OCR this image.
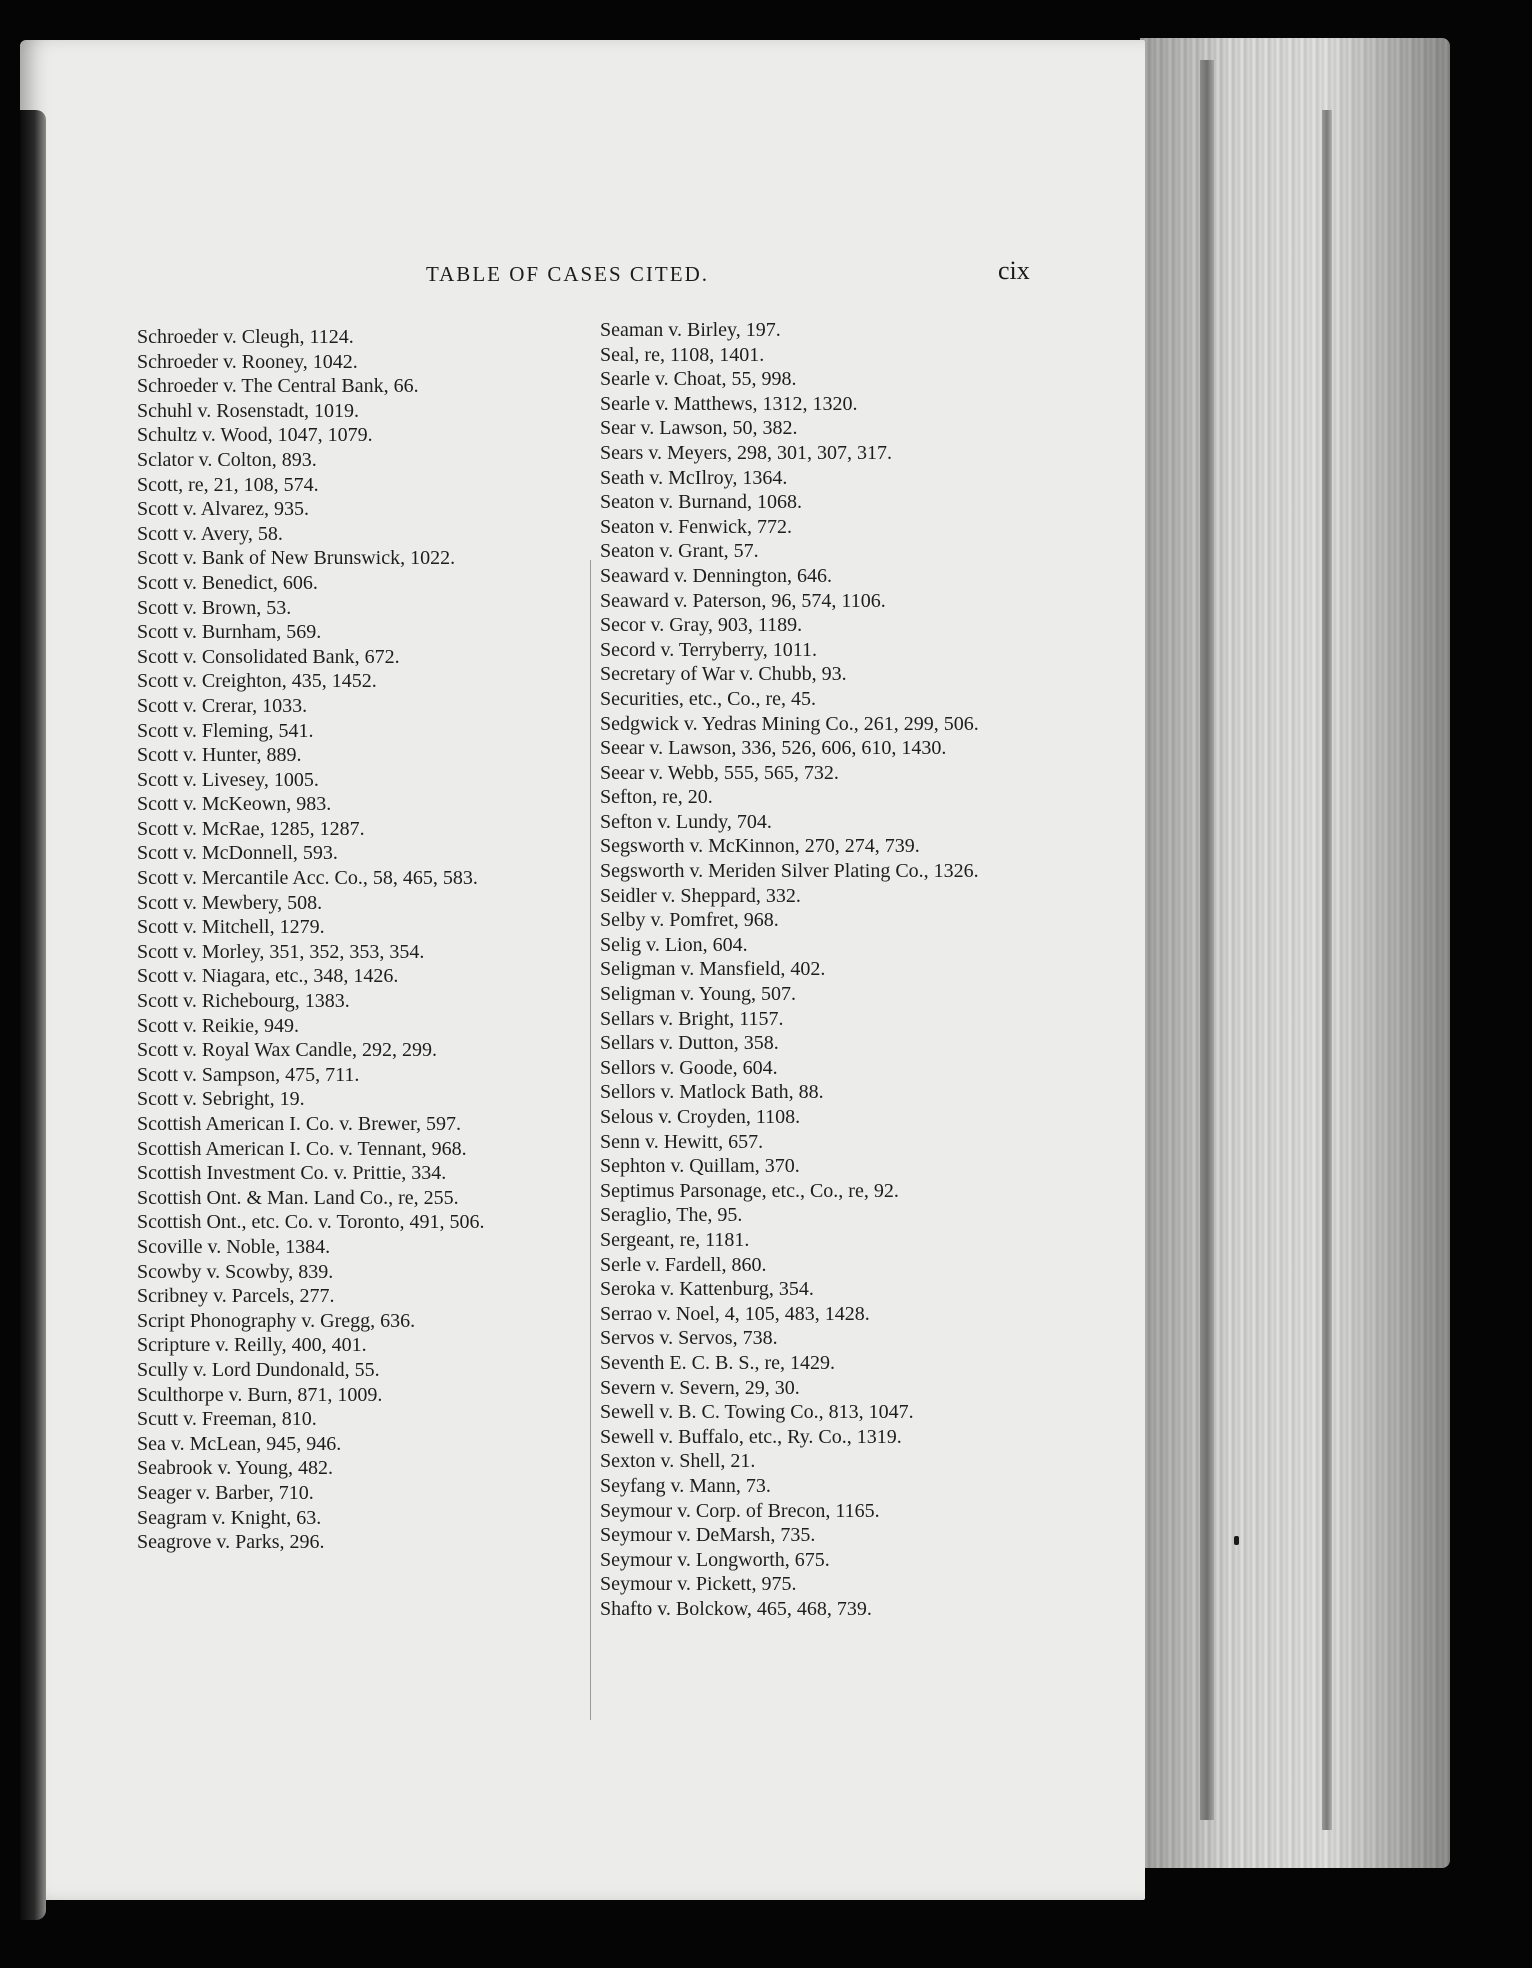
TABLE OF CASES CITED.	cix
Schroeder v. Cleugh, 1124.
Schroeder v. Rooney, 1042.
Schroeder v. The Central Bank, 66.
Schuhl v. Rosenstadt, 1019.
Schultz v. Wood, 1047, 1079.
Sclator v. Colton, 893.
Scott, re, 21, 108, 574.
Scott v. Alvarez, 935.
Scott v. Avery, 58.
Scott v. Bank of New Brunswick, 1022.
Scott v. Benedict, 606.
Scott v. Brown, 53.
Scott v. Burnham, 569.
Scott v. Consolidated Bank, 672.
Scott v. Creighton, 435, 1452.
Scott v. Crerar, 1033.
Scott v. Fleming, 541.
Scott v. Hunter, 889.
Scott v. Livesey, 1005.
Scott v. McKeown, 983.
Scott v. McRae, 1285, 1287.
Scott v. McDonnell, 593.
Scott v. Mercantile Acc. Co., 58, 465, 583.
Scott v. Mewbery, 508.
Scott v. Mitchell, 1279.
Scott v. Morley, 351, 352, 353, 354.
Scott v. Niagara, etc., 348, 1426.
Scott v. Richebourg, 1383.
Scott v. Reikie, 949.
Scott v. Royal Wax Candle, 292, 299.
Scott v. Sampson, 475, 711.
Scott v. Sebright, 19.
Scottish American I. Co. v. Brewer, 597.
Scottish American I. Co. v. Tennant, 968.
Scottish Investment Co. v. Prittie, 334.
Scottish Ont. & Man. Land Co., re, 255.
Scottish Ont., etc. Co. v. Toronto, 491, 506.
Scoville v. Noble, 1384.
Scowby v. Scowby, 839.
Scribney v. Parcels, 277.
Script Phonography v. Gregg, 636.
Scripture v. Reilly, 400, 401.
Scully v. Lord Dundonald, 55.
Sculthorpe v. Burn, 871, 1009.
Scutt v. Freeman, 810.
Sea v. McLean, 945, 946.
Seabrook v. Young, 482.
Seager v. Barber, 710.
Seagram v. Knight, 63.
Seagrove v. Parks, 296.
Seaman v. Birley, 197.
Seal, re, 1108, 1401.
Searle v. Choat, 55, 998.
Searle v. Matthews, 1312, 1320.
Sear v. Lawson, 50, 382.
Sears v. Meyers, 298, 301, 307, 317.
Seath v. McIlroy, 1364.
Seaton v. Burnand, 1068.
Seaton v. Fenwick, 772.
Seaton v. Grant, 57.
Seaward v. Dennington, 646.
Seaward v. Paterson, 96, 574, 1106.
Secor v. Gray, 903, 1189.
Secord v. Terryberry, 1011.
Secretary of War v. Chubb, 93.
Securities, etc., Co., re, 45.
Sedgwick v. Yedras Mining Co., 261, 299, 506.
Seear v. Lawson, 336, 526, 606, 610, 1430.
Seear v. Webb, 555, 565, 732.
Sefton, re, 20.
Sefton v. Lundy, 704.
Segsworth v. McKinnon, 270, 274, 739.
Segsworth v. Meriden Silver Plating Co., 1326.
Seidler v. Sheppard, 332.
Selby v. Pomfret, 968.
Selig v. Lion, 604.
Seligman v. Mansfield, 402.
Seligman v. Young, 507.
Sellars v. Bright, 1157.
Sellars v. Dutton, 358.
Sellors v. Goode, 604.
Sellors v. Matlock Bath, 88.
Selous v. Croyden, 1108.
Senn v. Hewitt, 657.
Sephton v. Quillam, 370.
Septimus Parsonage, etc., Co., re, 92.
Seraglio, The, 95.
Sergeant, re, 1181.
Serle v. Fardell, 860.
Seroka v. Kattenburg, 354.
Serrao v. Noel, 4, 105, 483, 1428.
Servos v. Servos, 738.
Seventh E. C. B. S., re, 1429.
Severn v. Severn, 29, 30.
Sewell v. B. C. Towing Co., 813, 1047.
Sewell v. Buffalo, etc., Ry. Co., 1319.
Sexton v. Shell, 21.
Seyfang v. Mann, 73.
Seymour v. Corp. of Brecon, 1165.
Seymour v. DeMarsh, 735.
Seymour v. Longworth, 675.
Seymour v. Pickett, 975.
Shafto v. Bolckow, 465, 468, 739.
